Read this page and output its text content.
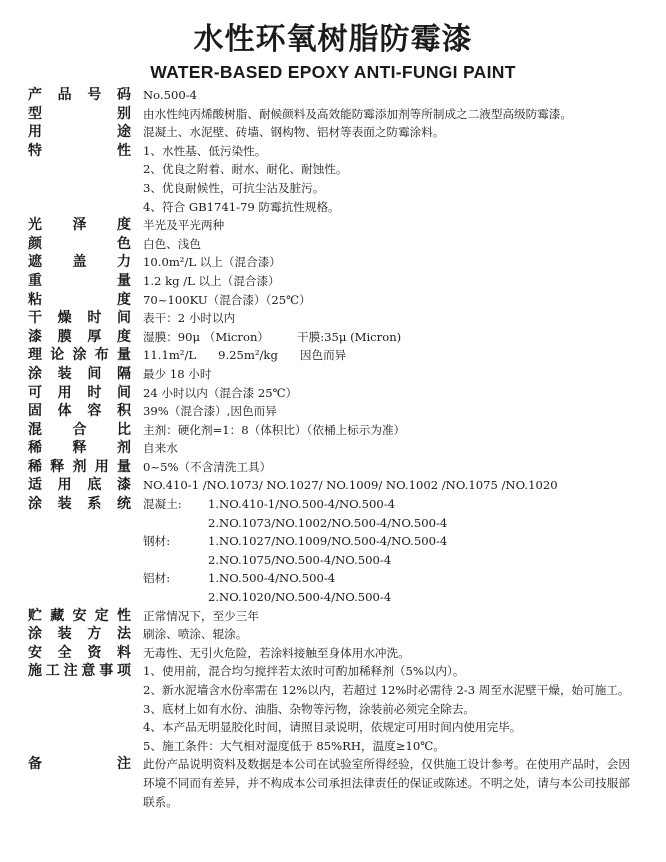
水性环氧树脂防霉漆
WATER-BASED EPOXY ANTI-FUNGI PAINT
产 品 号 码 No.500-4
型	别 由水性纯丙烯酸树脂、耐候颜料及高效能防霉添加剂等所制成之二液型高级防霉漆。
用	途 混凝土、水泥壁、砖墙、钢构物、铝材等表面之防霉涂料。
特	性 1、水性基、低污染性。
2、优良之附着、耐水、耐化、耐蚀性。
3、优良耐候性，可抗尘沾及脏污。
4、符合 GB1741-79 防霉抗性规格。
光 泽 度 半光及平光两种
颜	色 白色、浅色
遮 盖 力 10.0m²/L 以上（混合漆）
重	量 1.2 kg /L 以上（混合漆）
粘	度 70~100KU（混合漆）（25℃）
干 燥 时 间 表干：2 小时以内
漆 膜 厚 度 湿膜：90μ （Micron） 干膜:35μ (Micron)
理 论 涂 布 量 11.1m²/L 9.25m²/kg 因色而异
涂 装 间 隔 最少 18 小时
可 用 时 间 24 小时以内（混合漆 25℃）
固 体 容 积 39%（混合漆）,因色而异
混 合 比 主剂：硬化剂=1：8（体积比）（依桶上标示为准）
稀 释 剂 自来水
稀 释 剂 用 量 0~5%（不含清洗工具）
适 用 底 漆 NO.410-1 /NO.1073/ NO.1027/ NO.1009/ NO.1002 /NO.1075 /NO.1020
涂 装 系 统 混凝土:	1.NO.410-1/NO.500-4/NO.500-4
2.NO.1073/NO.1002/NO.500-4/NO.500-4
钢材:	1.NO.1027/NO.1009/NO.500-4/NO.500-4
2.NO.1075/NO.500-4/NO.500-4
铝材:	1.NO.500-4/NO.500-4
2.NO.1020/NO.500-4/NO.500-4
贮 藏 安 定 性 正常情况下，至少三年
涂 装 方 法 刷涂、喷涂、辊涂。
安 全 资 料 无毒性、无引火危险，若涂料接触至身体用水冲洗。
施 工 注 意 事 项 1、使用前，混合均匀搅拌若太浓时可酌加稀释剂（5%以内）。
2、新水泥墙含水份率需在 12%以内，若超过 12%时必需待 2-3 周至水泥壁干燥，始可施工。
3、底材上如有水份、油脂、杂物等污物，涂装前必须完全除去。
4、本产品无明显胶化时间，请照目录说明，依规定可用时间内使用完毕。
5、施工条件：大气相对湿度低于 85%RH，温度≥10℃。
备	注 此份产品说明资料及数据是本公司在试验室所得经验，仅供施工设计参考。在使用产品时，会因环境不同而有差异，并不构成本公司承担法律责任的保证或陈述。不明之处，请与本公司技服部联系。
